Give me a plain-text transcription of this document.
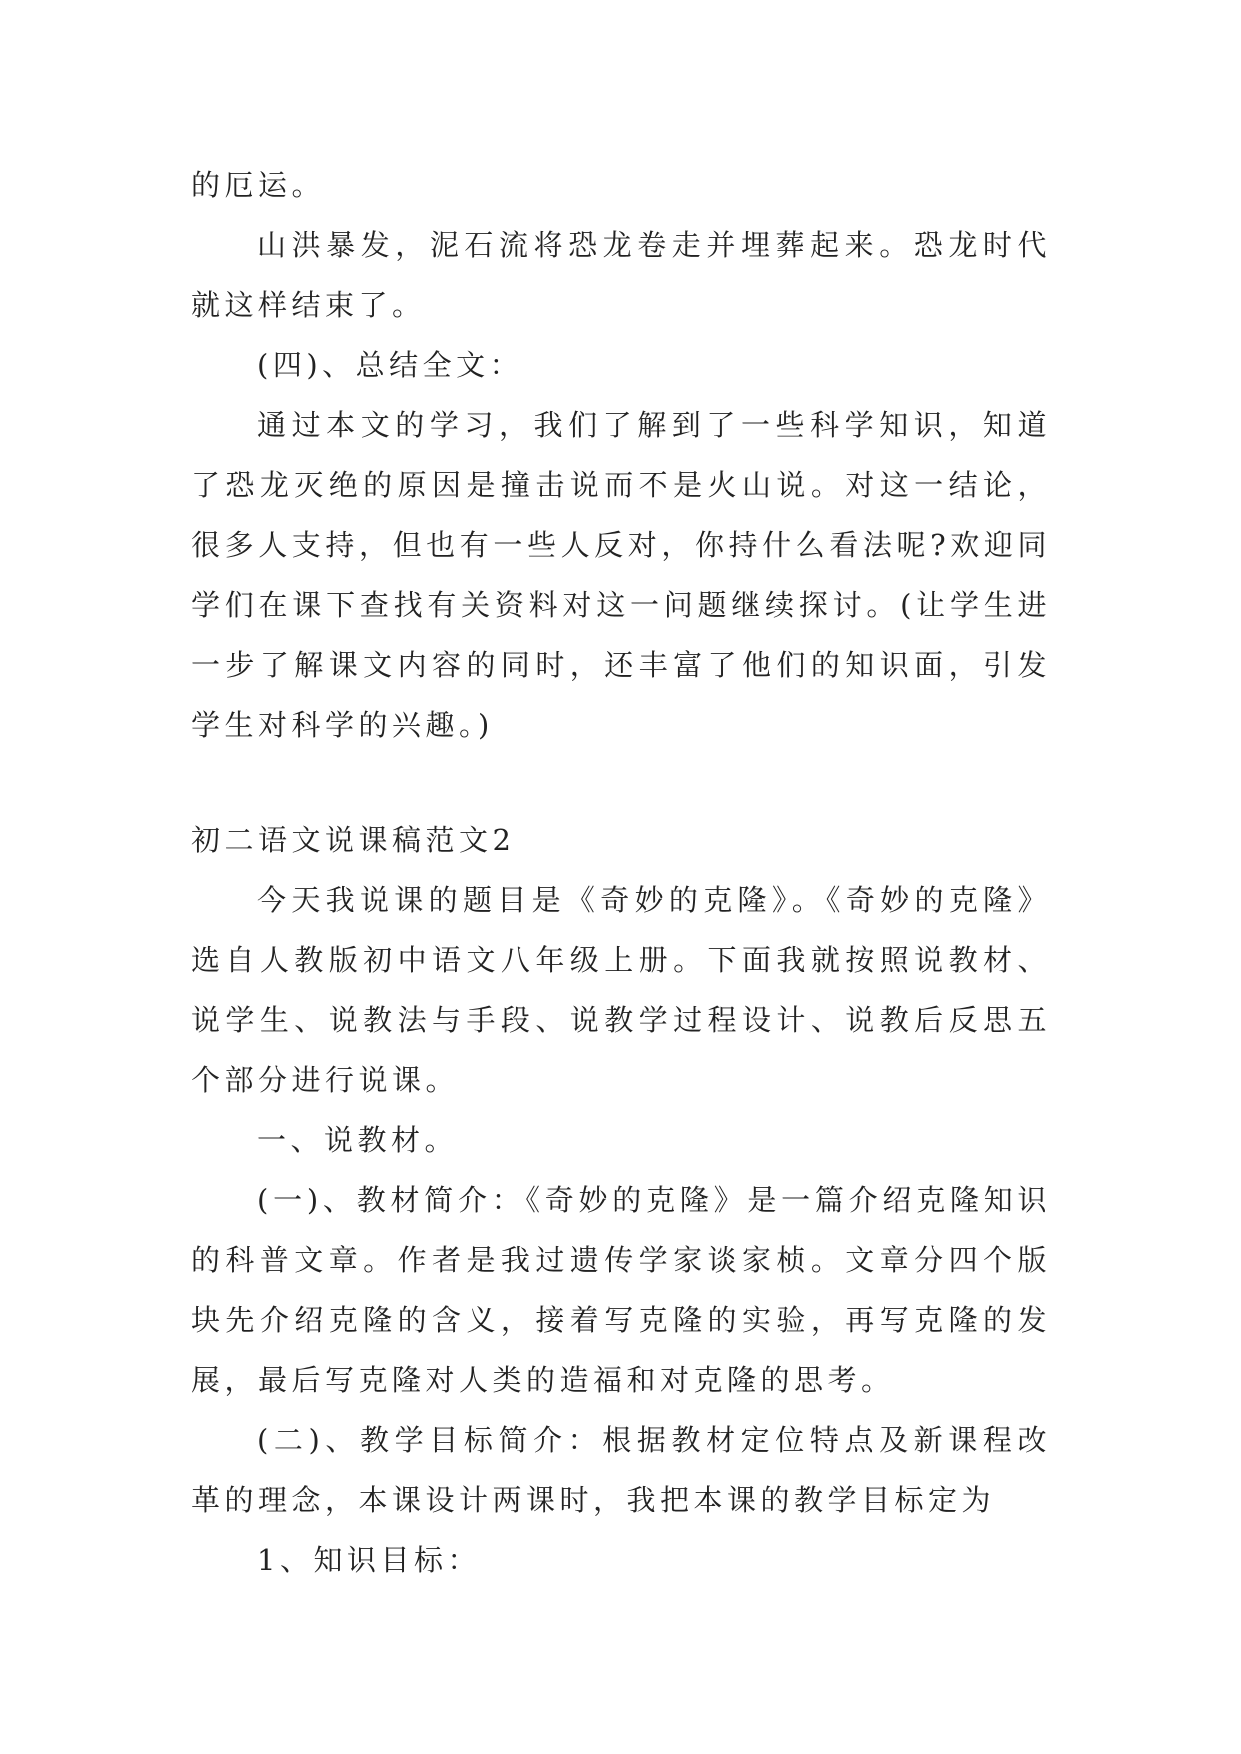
的厄运。

山洪暴发，泥石流将恐龙卷走并埋葬起来。恐龙时代就这样结束了。

(四)、总结全文：

通过本文的学习，我们了解到了一些科学知识，知道了恐龙灭绝的原因是撞击说而不是火山说。对这一结论，很多人支持，但也有一些人反对，你持什么看法呢?欢迎同学们在课下查找有关资料对这一问题继续探讨。(让学生进一步了解课文内容的同时，还丰富了他们的知识面，引发学生对科学的兴趣。)

初二语文说课稿范文2

今天我说课的题目是《奇妙的克隆》。《奇妙的克隆》选自人教版初中语文八年级上册。下面我就按照说教材、说学生、说教法与手段、说教学过程设计、说教后反思五个部分进行说课。

一、说教材。

(一)、教材简介：《奇妙的克隆》是一篇介绍克隆知识的科普文章。作者是我过遗传学家谈家桢。文章分四个版块先介绍克隆的含义，接着写克隆的实验，再写克隆的发展，最后写克隆对人类的造福和对克隆的思考。

(二)、教学目标简介：根据教材定位特点及新课程改革的理念，本课设计两课时，我把本课的教学目标定为

1、知识目标：
